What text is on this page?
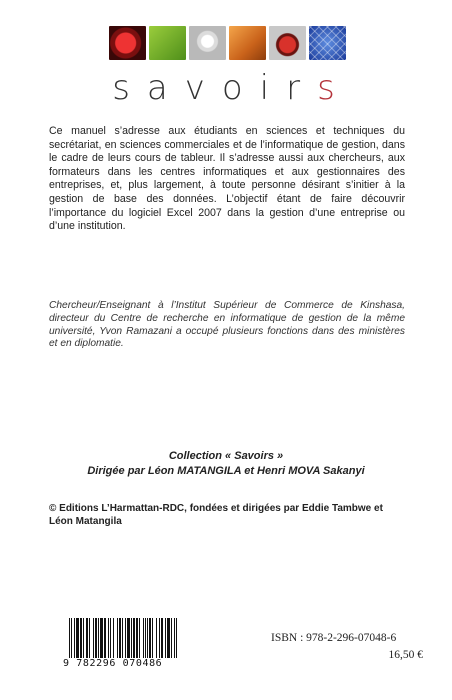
savoirs
Ce manuel s’adresse aux étudiants en sciences et techniques du secrétariat, en sciences commerciales et de l’informatique de gestion, dans le cadre de leurs cours de tableur. Il s’adresse aussi aux chercheurs, aux formateurs dans les centres informatiques et aux gestionnaires des entreprises, et, plus largement, à toute personne désirant s’initier à la gestion de base des données. L’objectif étant de faire découvrir l’importance du logiciel Excel 2007 dans la gestion d’une entreprise ou d’une institution.
Chercheur/Enseignant à l’Institut Supérieur de Commerce de Kinshasa, directeur du Centre de recherche en informatique de gestion de la même université, Yvon Ramazani a occupé plusieurs fonctions dans des ministères et en diplomatie.
Collection « Savoirs »
Dirigée par Léon MATANGILA et Henri MOVA Sakanyi
© Editions L’Harmattan-RDC, fondées et dirigées par Eddie Tambwe et Léon Matangila
9 782296 070486
ISBN : 978-2-296-07048-6
16,50 €
